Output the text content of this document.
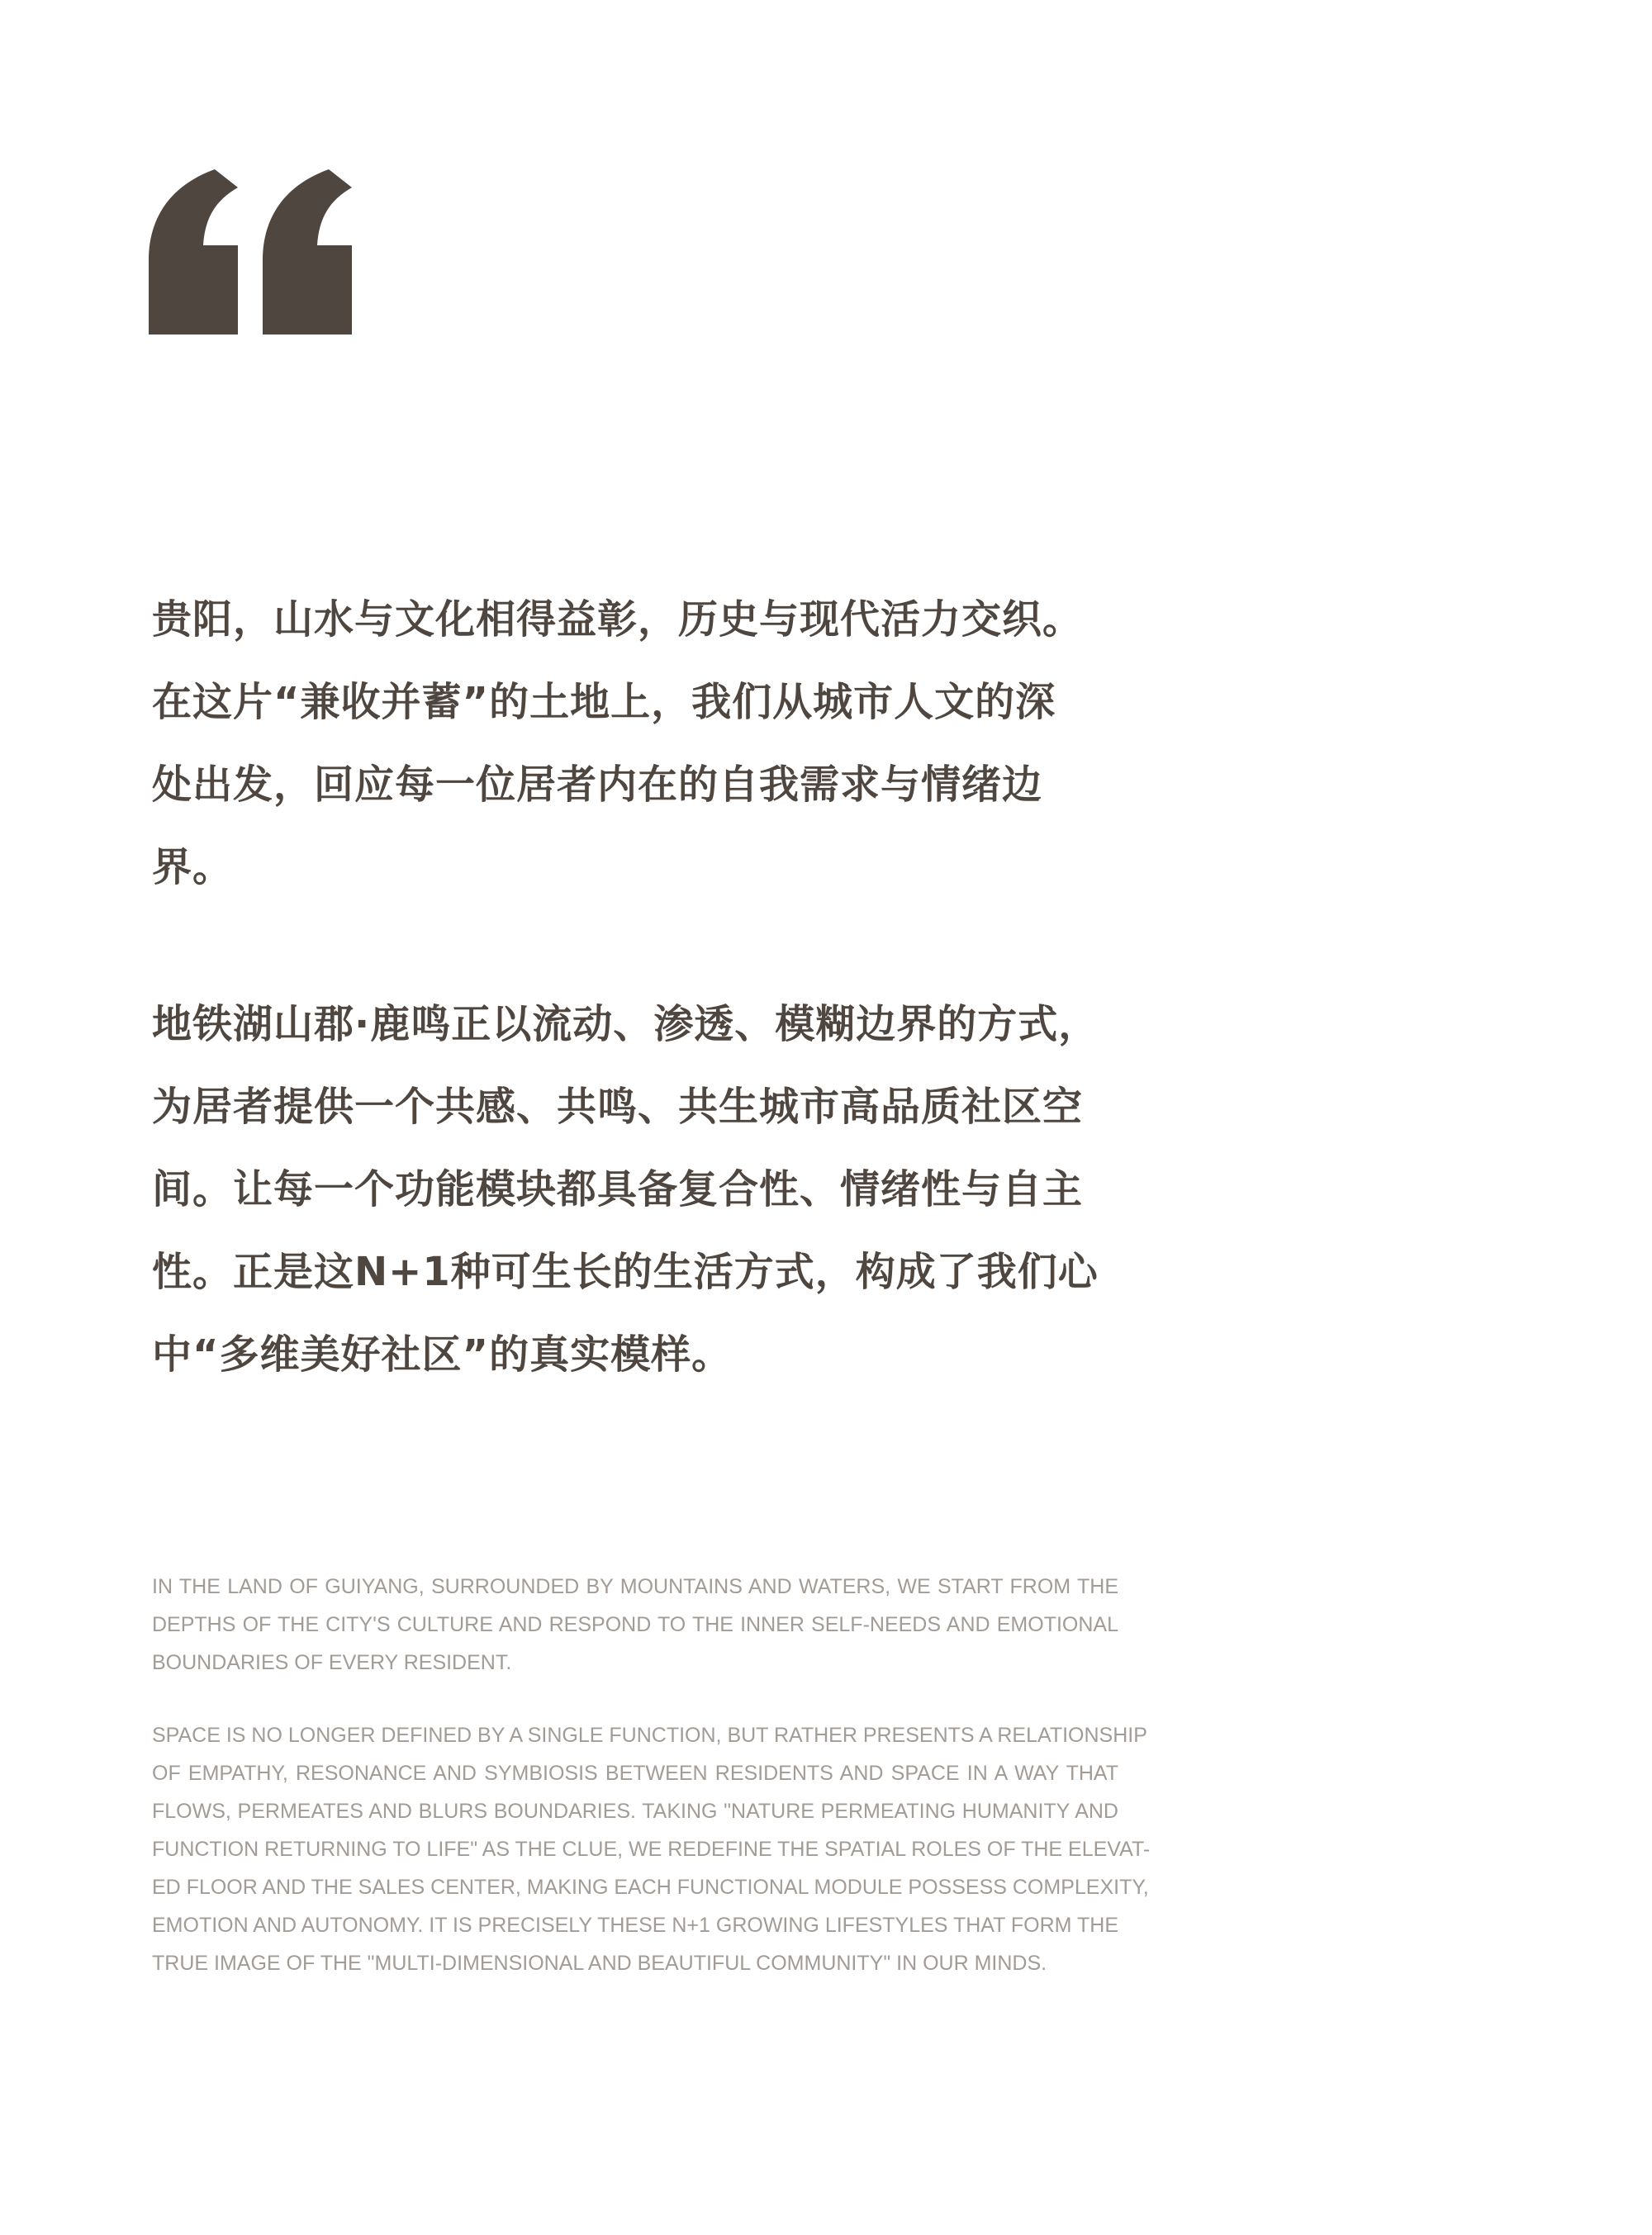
贵阳，山水与文化相得益彰，历史与现代活力交织。
在这片“兼收并蓄”的土地上，我们从城市人文的深
处出发，回应每一位居者内在的自我需求与情绪边
界。
地铁湖山郡·鹿鸣正以流动、渗透、模糊边界的方式，
为居者提供一个共感、共鸣、共生城市高品质社区空
间。让每一个功能模块都具备复合性、情绪性与自主
性。正是这N+1种可生长的生活方式，构成了我们心
中“多维美好社区”的真实模样。
IN THE LAND OF GUIYANG, SURROUNDED BY MOUNTAINS AND WATERS, WE START FROM THE
DEPTHS OF THE CITY'S CULTURE AND RESPOND TO THE INNER SELF-NEEDS AND EMOTIONAL
BOUNDARIES OF EVERY RESIDENT.
SPACE IS NO LONGER DEFINED BY A SINGLE FUNCTION, BUT RATHER PRESENTS A RELATIONSHIP
OF EMPATHY, RESONANCE AND SYMBIOSIS BETWEEN RESIDENTS AND SPACE IN A WAY THAT
FLOWS, PERMEATES AND BLURS BOUNDARIES. TAKING "NATURE PERMEATING HUMANITY AND
FUNCTION RETURNING TO LIFE" AS THE CLUE, WE REDEFINE THE SPATIAL ROLES OF THE ELEVAT-
ED FLOOR AND THE SALES CENTER, MAKING EACH FUNCTIONAL MODULE POSSESS COMPLEXITY,
EMOTION AND AUTONOMY. IT IS PRECISELY THESE N+1 GROWING LIFESTYLES THAT FORM THE
TRUE IMAGE OF THE "MULTI-DIMENSIONAL AND BEAUTIFUL COMMUNITY" IN OUR MINDS.
